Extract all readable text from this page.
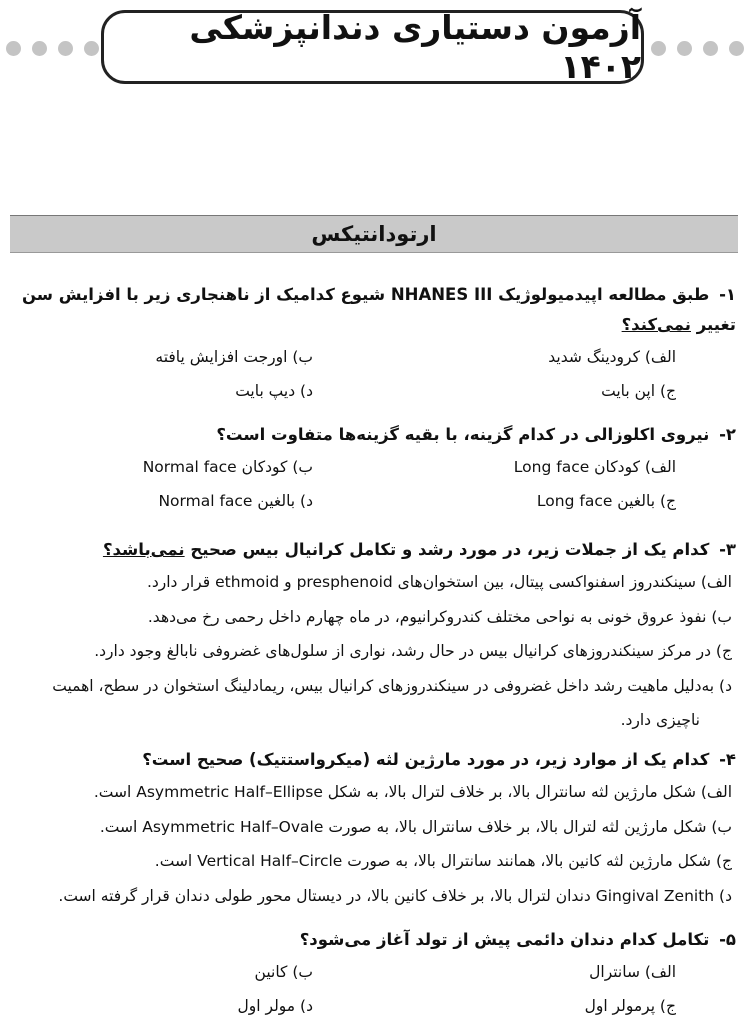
آزمون دستیاری دندانپزشکی ۱۴۰۲
ارتودانتیکس
۱- طبق مطالعه اپیدمیولوژیک NHANES III شیوع کدامیک از ناهنجاری زیر با افزایش سن تغییر نمی‌کند؟
الف) کرودینگ شدید
ب) اورجت افزایش یافته
ج) اپن بایت
د) دیپ بایت
۲- نیروی اکلوزالی در کدام گزینه، با بقیه گزینه‌ها متفاوت است؟
الف) کودکان Long face
ب) کودکان Normal face
ج) بالغین Long face
د) بالغین Normal face
۳- کدام یک از جملات زیر، در مورد رشد و تکامل کرانیال بیس صحیح نمی‌باشد؟
الف) سینکندروز اسفنواکسی پیتال، بین استخوان‌های presphenoid و ethmoid قرار دارد.
ب) نفوذ عروق خونی به نواحی مختلف کندروکرانیوم، در ماه چهارم داخل رحمی رخ می‌دهد.
ج) در مرکز سینکندروزهای کرانیال بیس در حال رشد، نواری از سلول‌های غضروفی نابالغ وجود دارد.
د) به‌دلیل ماهیت رشد داخل غضروفی در سینکندروزهای کرانیال بیس، ریمادلینگ استخوان در سطح، اهمیت
ناچیزی دارد.
۴- کدام یک از موارد زیر، در مورد مارژین لثه (میکرواستتیک) صحیح است؟
الف) شکل مارژین لثه سانترال بالا، بر خلاف لترال بالا، به شکل Asymmetric Half–Ellipse است.
ب) شکل مارژین لثه لترال بالا، بر خلاف سانترال بالا، به صورت Asymmetric Half–Ovale است.
ج) شکل مارژین لثه کانین بالا، همانند سانترال بالا، به صورت Vertical Half–Circle است.
د) Gingival Zenith دندان لترال بالا، بر خلاف کانین بالا، در دیستال محور طولی دندان قرار گرفته است.
۵- تکامل کدام دندان دائمی پیش از تولد آغاز می‌شود؟
الف) سانترال
ب) کانین
ج) پرمولر اول
د) مولر اول
